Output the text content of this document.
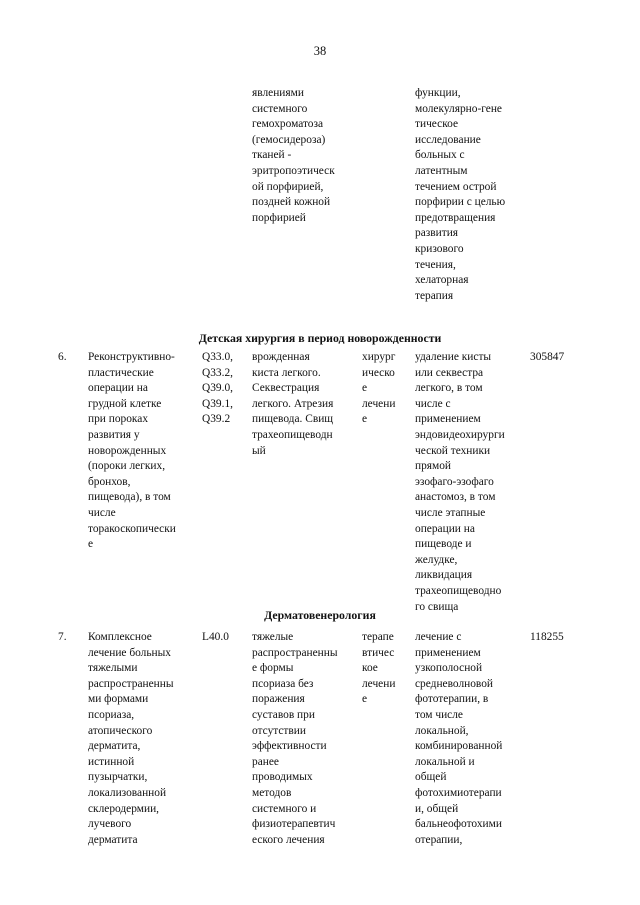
38
явлениями
системного
гемохроматоза
(гемосидероза)
тканей -
эритропоэтическ
ой порфирией,
поздней кожной
порфирией
функции,
молекулярно-гене
тическое
исследование
больных с
латентным
течением острой
порфирии с целью
предотвращения
развития
кризового
течения,
хелаторная
терапия
Детская хирургия в период новорожденности
6. Реконструктивно-
пластические
операции на
грудной клетке
при пороках
развития у
новорожденных
(пороки легких,
бронхов,
пищевода), в том
числе
торакоскопически
е
Q33.0,
Q33.2,
Q39.0,
Q39.1,
Q39.2
врожденная
киста легкого.
Секвестрация
легкого. Атрезия
пищевода. Свищ
трахеопищеводн
ый
хирург
ическо
е
лечени
е
удаление кисты
или секвестра
легкого, в том
числе с
применением
эндовидеохирурги
ческой техники
прямой
эзофаго-эзофаго
анастомоз, в том
числе этапные
операции на
пищеводе и
желудке,
ликвидация
трахеопищеводно
го свища
305847
Дерматовенерология
7. Комплексное
лечение больных
тяжелыми
распространенны
ми формами
псориаза,
атопического
дерматита,
истинной
пузырчатки,
локализованной
склеродермии,
лучевого
дерматита
L40.0 тяжелые
распространенны
е формы
псориаза без
поражения
суставов при
отсутствии
эффективности
ранее
проводимых
методов
системного и
физиотерапевтич
еского лечения
терапе
втичес
кое
лечени
е
лечение с
применением
узкополосной
средневолновой
фототерапии, в
том числе
локальной,
комбинированной
локальной и
общей
фотохимиотерапи
и, общей
бальнеофотохими
отерапии,
118255
